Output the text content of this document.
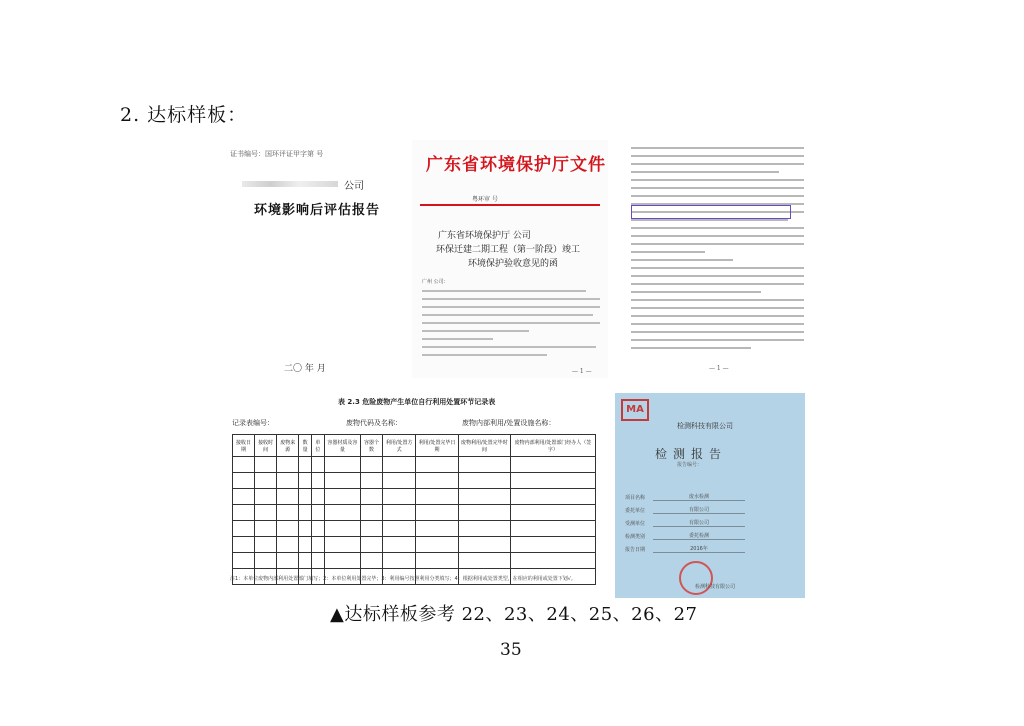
2. 达标样板：
证书编号：国环评证甲字第 号
公司
环境影响后评估报告
二〇 年 月
广东省环境保护厅文件
粤环审 号
广东省环境保护厅 公司
环保迁建二期工程（第一阶段）竣工
环境保护验收意见的函
广州 公司：
— 1 —	— 1 —
表 2.3 危险废物产生单位自行利用处置环节记录表
记录表编号：	废物代码及名称：	废物内部利用/处置设施名称：
接收日期	接收时间	废物来源	数量	单位	容器材质及容量	容器个数	利用/处置方式	利用/处置完毕日期	废物利用/处置完毕时间	废物内部利用/处置部门经办人（签字）

注1：本单位废物内部利用处置部门填写；2：本单位利用处置完毕；3：利用编号按照利用分类填写；4：根据利用或处置类型，在相应的利用或处置下划√。
MA
检测科技有限公司
检测报告
报告编号：
项目名称	废水检测
委托单位	有限公司
受测单位	有限公司
检测类别	委托检测
报告日期	2016年
检测科技有限公司
▲达标样板参考 22、23、24、25、26、27
35
